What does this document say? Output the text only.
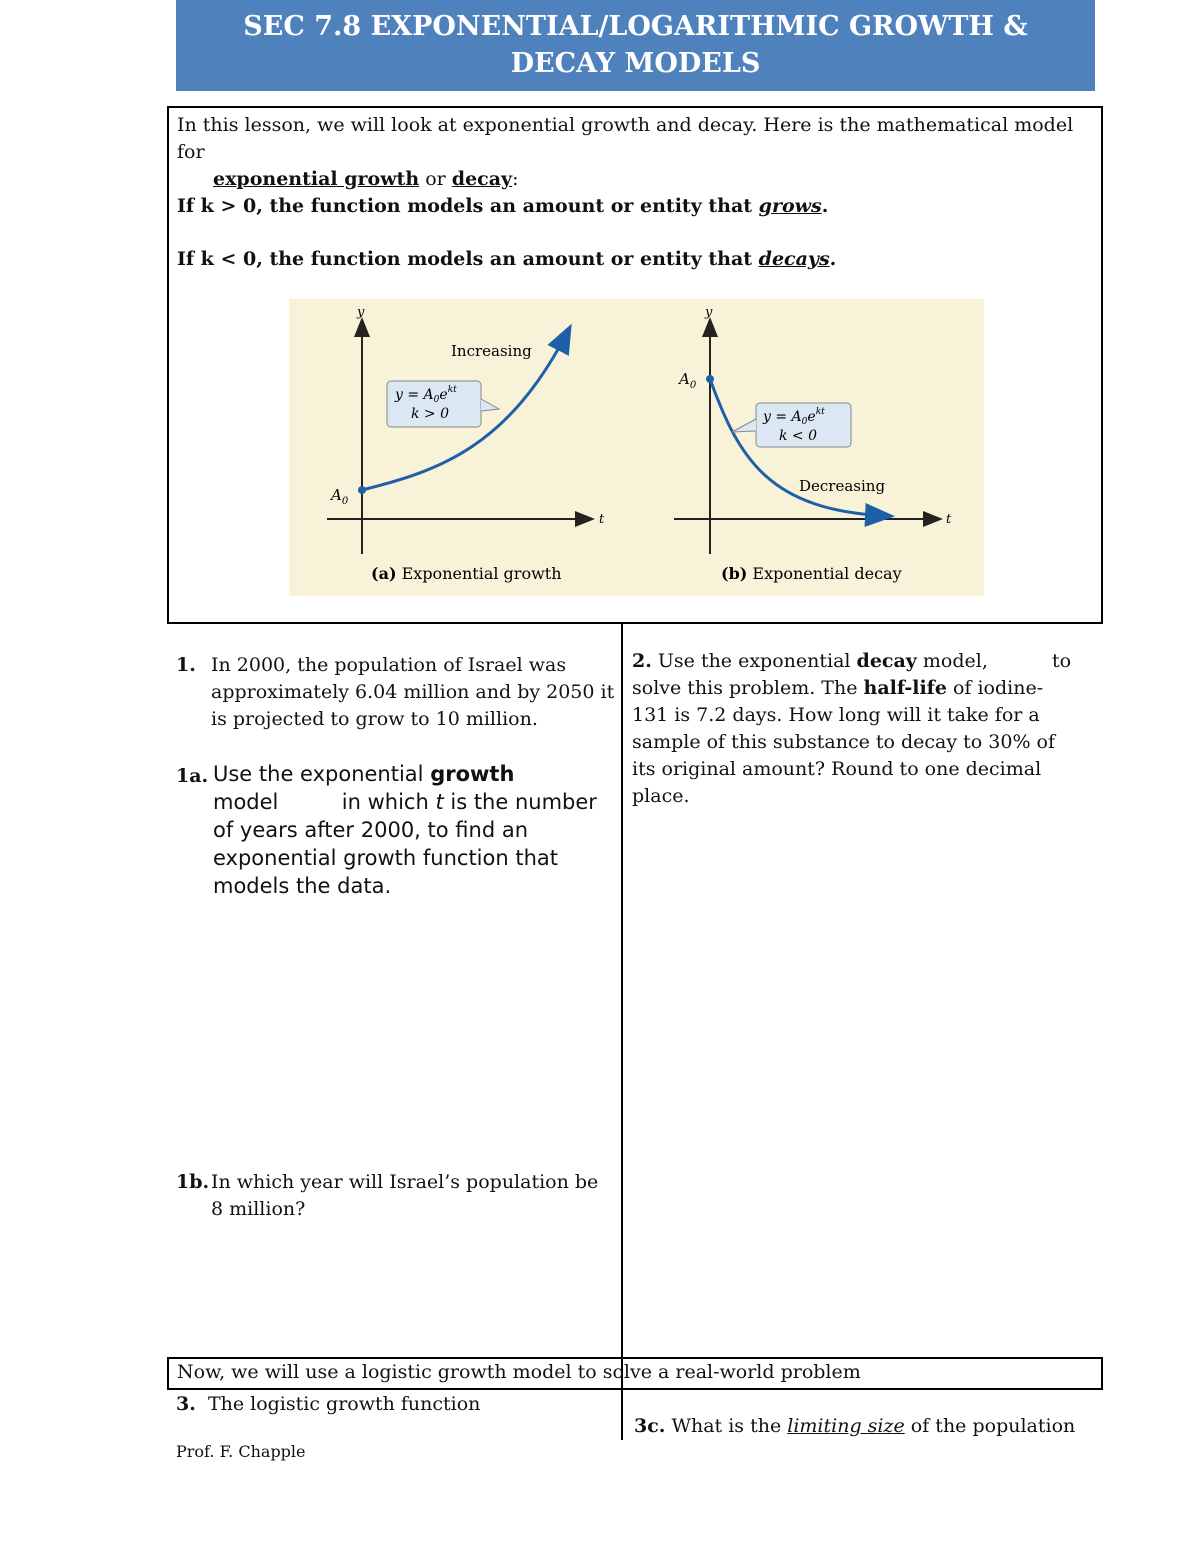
SEC 7.8 EXPONENTIAL/LOGARITHMIC GROWTH &
DECAY MODELS

In this lesson, we will look at exponential growth and decay. Here is the mathematical model for
exponential growth or decay:

If k > 0, the function models an amount or entity that grows.

If k < 0, the function models an amount or entity that decays.

y
t
$A_0$
Increasing
$y = A_0e^{kt}$
k > 0
(a) Exponential growth
y
t
$A_0$
Decreasing
$y = A_0e^{kt}$
k < 0
(b) Exponential decay
1. In 2000, the population of Israel was approximately 6.04 million and by 2050 it is projected to grow to 10 million.
1a. Use the exponential growth
model	in which t is the number of years after 2000, to find an exponential growth function that models the data.
1b. In which year will Israel’s population be 8 million?
2. Use the exponential decay model,	to solve this problem. The half-life of iodine-131 is 7.2 days. How long will it take for a sample of this substance to decay to 30% of its original amount? Round to one decimal place.
Now, we will use a logistic growth model to solve a real-world problem
3. The logistic growth function
3c. What is the limiting size of the population
Prof. F. Chapple
